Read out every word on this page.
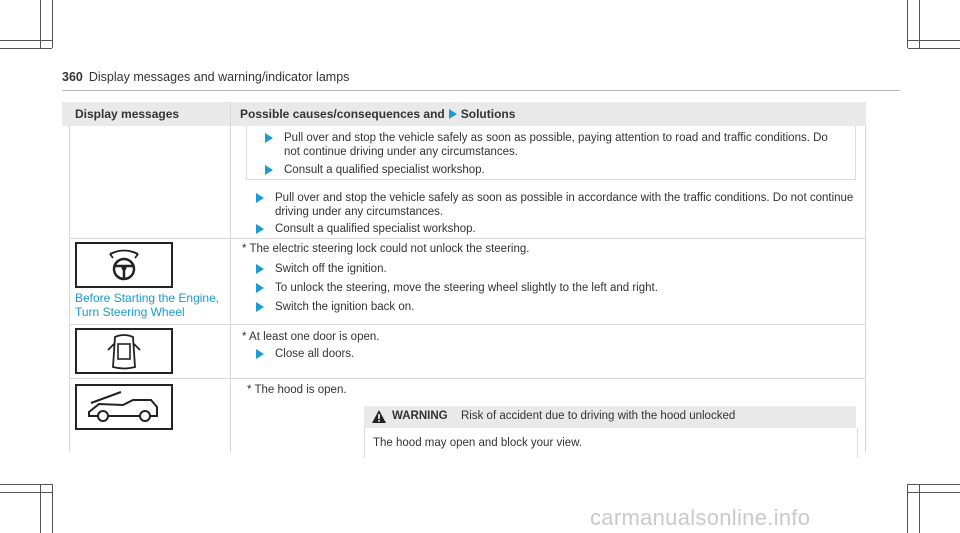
360 Display messages and warning/indicator lamps
Display messages	Possible causes/consequences and Solutions
Pull over and stop the vehicle safely as soon as possible, paying attention to road and traffic conditions. Do not continue driving under any circumstances.
Consult a qualified specialist workshop.
Pull over and stop the vehicle safely as soon as possible in accordance with the traffic conditions. Do not continue driving under any circumstances.
Consult a qualified specialist workshop.
Before Starting the Engine, Turn Steering Wheel
* The electric steering lock could not unlock the steering.
Switch off the ignition.
To unlock the steering, move the steering wheel slightly to the left and right.
Switch the ignition back on.
* At least one door is open.
Close all doors.
* The hood is open.
WARNING Risk of accident due to driving with the hood unlocked
The hood may open and block your view.
carmanualsonline.info
